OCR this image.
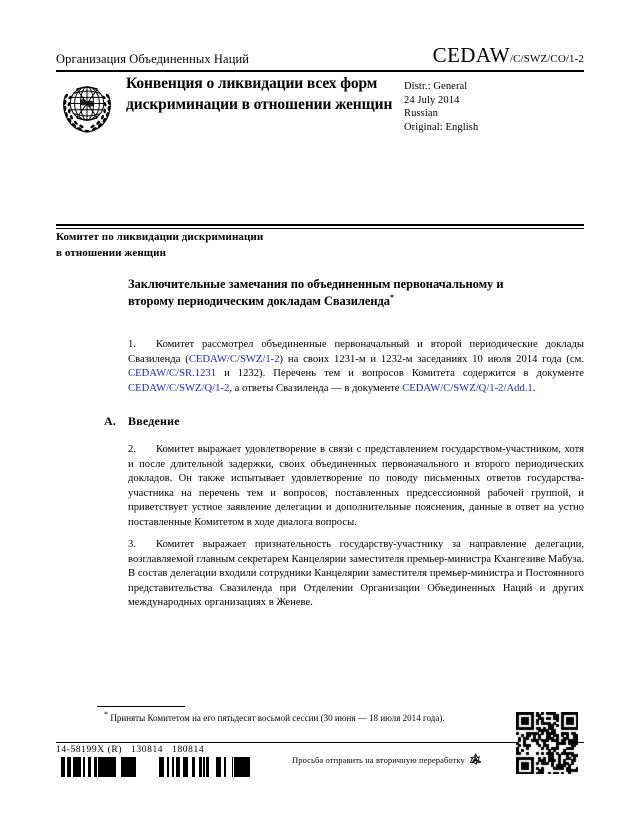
Организация Объединенных Наций	CEDAW /C/SWZ/CO/1-2
Конвенция о ликвидации всех форм дискриминации в отношении женщин
Distr.: General
24 July 2014
Russian
Original: English
Комитет по ликвидации дискриминации
в отношении женщин
Заключительные замечания по объединенным первоначальному и второму периодическим докладам Свазиленда*
1. Комитет рассмотрел объединенные первоначальный и второй периодические доклады Свазиленда (CEDAW/C/SWZ/1-2) на своих 1231-м и 1232-м заседаниях 10 июля 2014 года (см. CEDAW/C/SR.1231 и 1232). Перечень тем и вопросов Комитета содержится в документе CEDAW/C/SWZ/Q/1-2, а ответы Свазиленда — в документе CEDAW/C/SWZ/Q/1-2/Add.1.
A. Введение
2. Комитет выражает удовлетворение в связи с представлением государством-участником, хотя и после длительной задержки, своих объединенных первоначального и второго периодических докладов. Он также испытывает удовлетворение по поводу письменных ответов государства-участника на перечень тем и вопросов, поставленных предсессионной рабочей группой, и приветствует устное заявление делегации и дополнительные пояснения, данные в ответ на устно поставленные Комитетом в ходе диалога вопросы.
3. Комитет выражает признательность государству-участнику за направление делегации, возглавляемой главным секретарем Канцелярии заместителя премьер-министра Кхангезиве Мабуза. В состав делегации входили сотрудники Канцелярии заместителя премьер-министра и Постоянного представительства Свазиленда при Отделении Организации Объединенных Наций и других международных организациях в Женеве.
* Приняты Комитетом на его пятьдесят восьмой сессии (30 июня — 18 июля 2014 года).
14-58199X (R) 130814 180814
Просьба отправить на вторичную переработку
